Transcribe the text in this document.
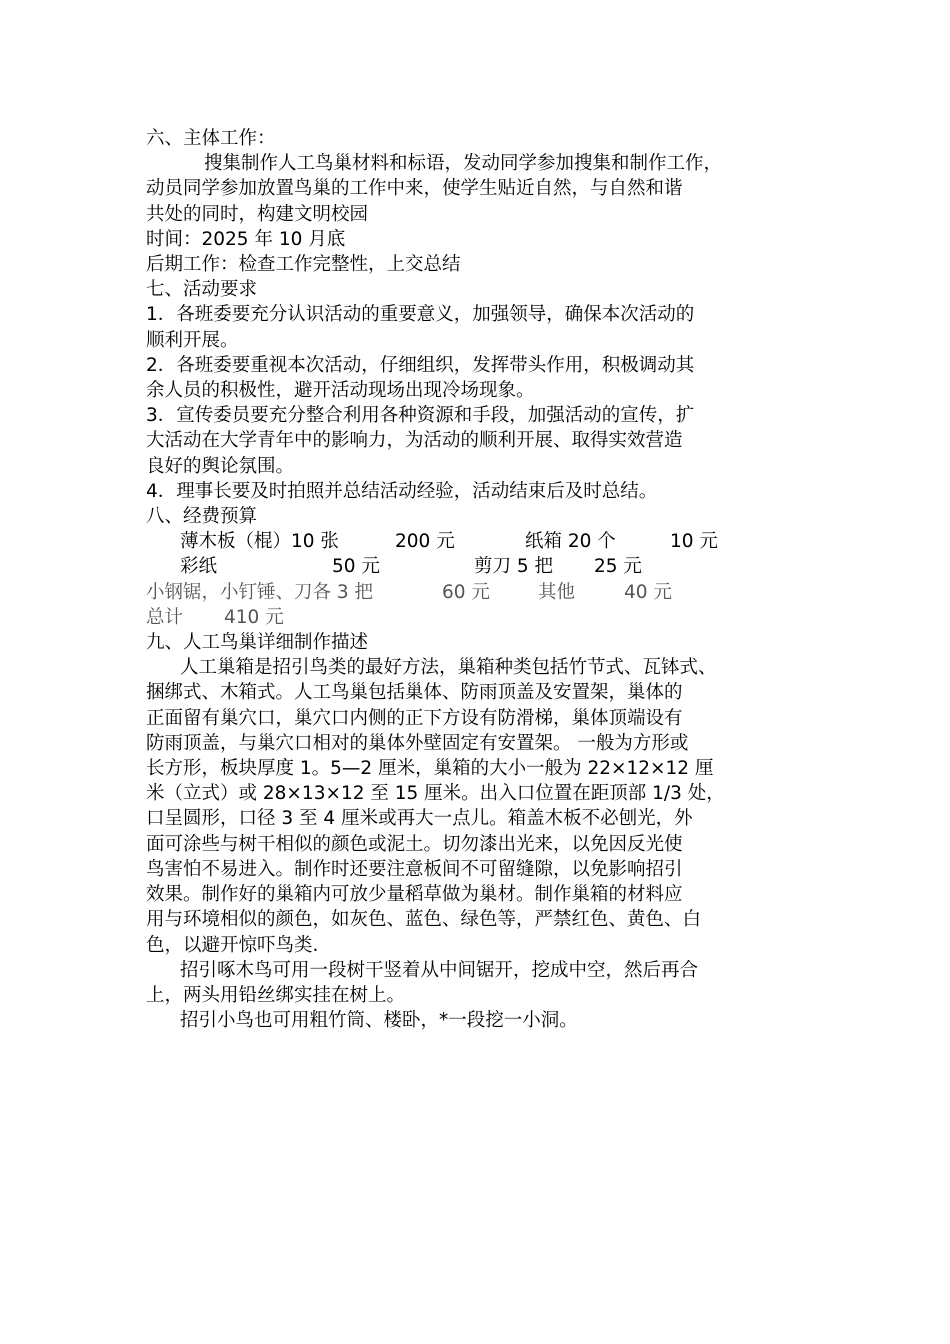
六、主体工作：

搜集制作人工鸟巢材料和标语，发动同学参加搜集和制作工作，

动员同学参加放置鸟巢的工作中来，使学生贴近自然，与自然和谐

共处的同时，构建文明校园

时间：2025 年 10 月底

后期工作：检查工作完整性，上交总结

七、活动要求

1．各班委要充分认识活动的重要意义，加强领导，确保本次活动的

顺利开展。

2．各班委要重视本次活动，仔细组织，发挥带头作用，积极调动其

余人员的积极性，避开活动现场出现冷场现象。

3．宣传委员要充分整合利用各种资源和手段，加强活动的宣传，扩

大活动在大学青年中的影响力，为活动的顺利开展、取得实效营造

良好的舆论氛围。

4．理事长要及时拍照并总结活动经验，活动结束后及时总结。

八、经费预算

薄木板（棍）10 张	200 元	纸箱 20 个	10 元
彩纸	50 元	剪刀 5 把	25 元
小钢锯，小钉锤、刀各 3 把	60 元	其他	40 元
总计	410 元

九、人工鸟巢详细制作描述

人工巢箱是招引鸟类的最好方法，巢箱种类包括竹节式、瓦钵式、

捆绑式、木箱式。人工鸟巢包括巢体、防雨顶盖及安置架，巢体的

正面留有巢穴口，巢穴口内侧的正下方设有防滑梯，巢体顶端设有

防雨顶盖，与巢穴口相对的巢体外壁固定有安置架。 一般为方形或

长方形，板块厚度 1。5—2 厘米，巢箱的大小一般为 22×12×12 厘

米（立式）或 28×13×12 至 15 厘米。出入口位置在距顶部 1/3 处，

口呈圆形，口径 3 至 4 厘米或再大一点儿。箱盖木板不必刨光，外

面可涂些与树干相似的颜色或泥土。切勿漆出光来，以免因反光使

鸟害怕不易进入。制作时还要注意板间不可留缝隙，以免影响招引

效果。制作好的巢箱内可放少量稻草做为巢材。制作巢箱的材料应

用与环境相似的颜色，如灰色、蓝色、绿色等，严禁红色、黄色、白

色，以避开惊吓鸟类.

招引啄木鸟可用一段树干竖着从中间锯开，挖成中空，然后再合

上，两头用铅丝绑实挂在树上。

招引小鸟也可用粗竹筒、楼卧，*一段挖一小洞。
